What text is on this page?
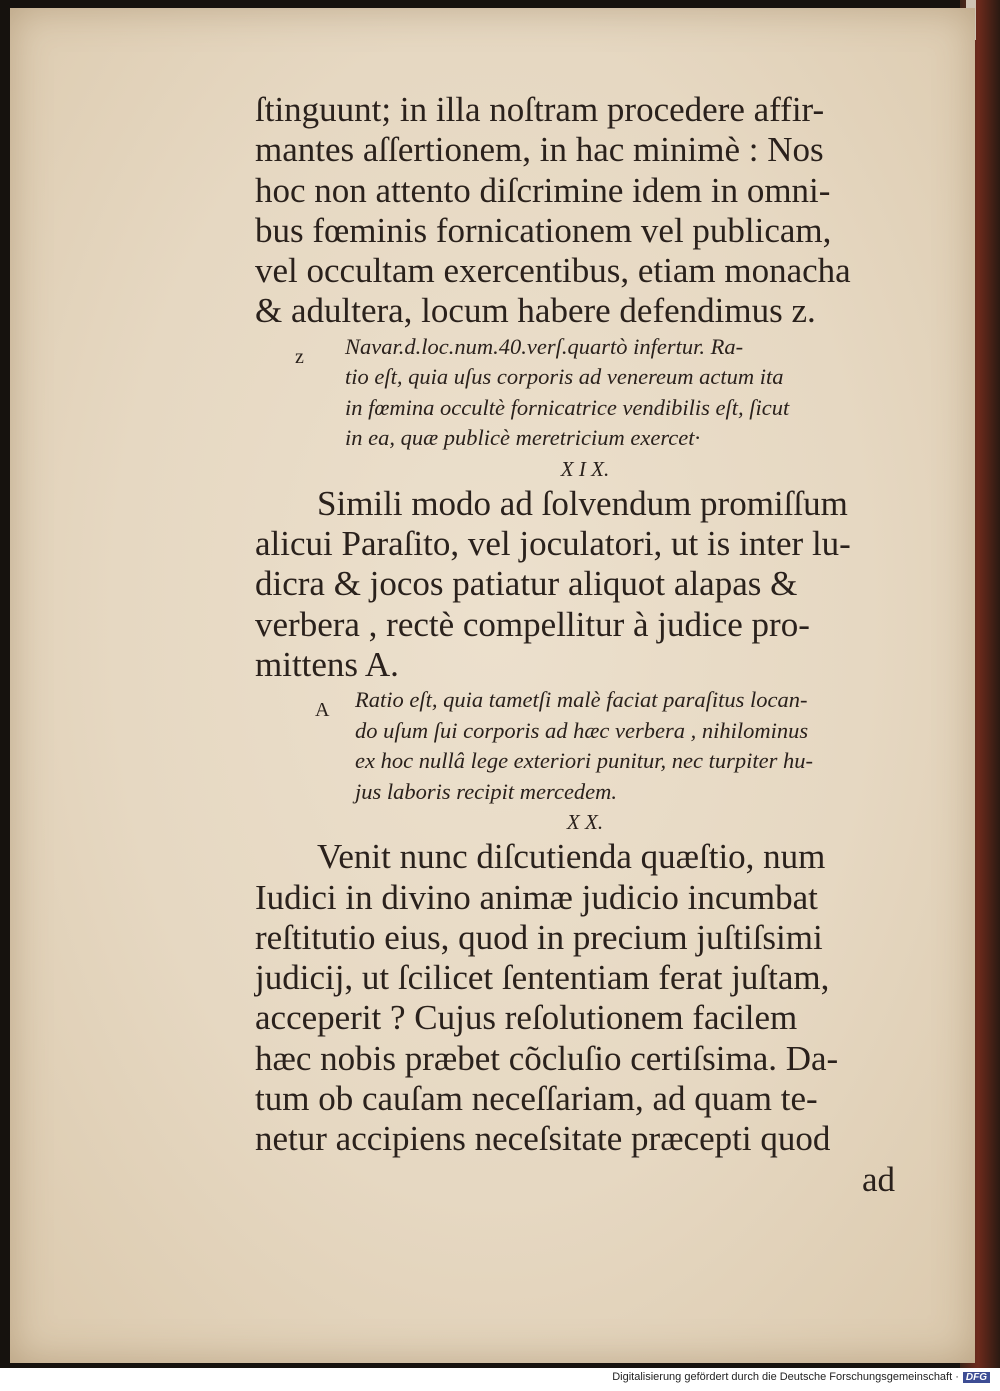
ſtinguunt; in illa noſtram procedere affir-

mantes aſſertionem, in hac minimè : Nos

hoc non attento diſcrimine idem in omni-

bus fœminis fornicationem vel publicam,

vel occultam exercentibus, etiam monacha

& adultera, locum habere defendimus z.

z Navar.d.loc.num.40.verſ.quartò infertur. Ra-

tio eſt, quia uſus corporis ad venereum actum ita

in fœmina occultè fornicatrice vendibilis eſt, ſicut

in ea, quæ publicè meretricium exercet·

X I X.

Simili modo ad ſolvendum promiſſum

alicui Paraſito, vel joculatori, ut is inter lu-

dicra & jocos patiatur aliquot alapas &

verbera , rectè compellitur à judice pro-

mittens A.

A Ratio eſt, quia tametſi malè faciat paraſitus locan-

do uſum ſui corporis ad hæc verbera , nihilominus

ex hoc nullâ lege exteriori punitur, nec turpiter hu-

jus laboris recipit mercedem.

X X.

Venit nunc diſcutienda quæſtio, num

Iudici in divino animæ judicio incumbat

reſtitutio eius, quod in precium juſtiſsimi

judicij, ut ſcilicet ſententiam ferat juſtam,

acceperit ? Cujus reſolutionem facilem

hæc nobis præbet cõcluſio certiſsima. Da-

tum ob cauſam neceſſariam, ad quam te-

netur accipiens neceſsitate præcepti quod

ad

Digitalisierung gefördert durch die Deutsche Forschungsgemeinschaft · DFG
